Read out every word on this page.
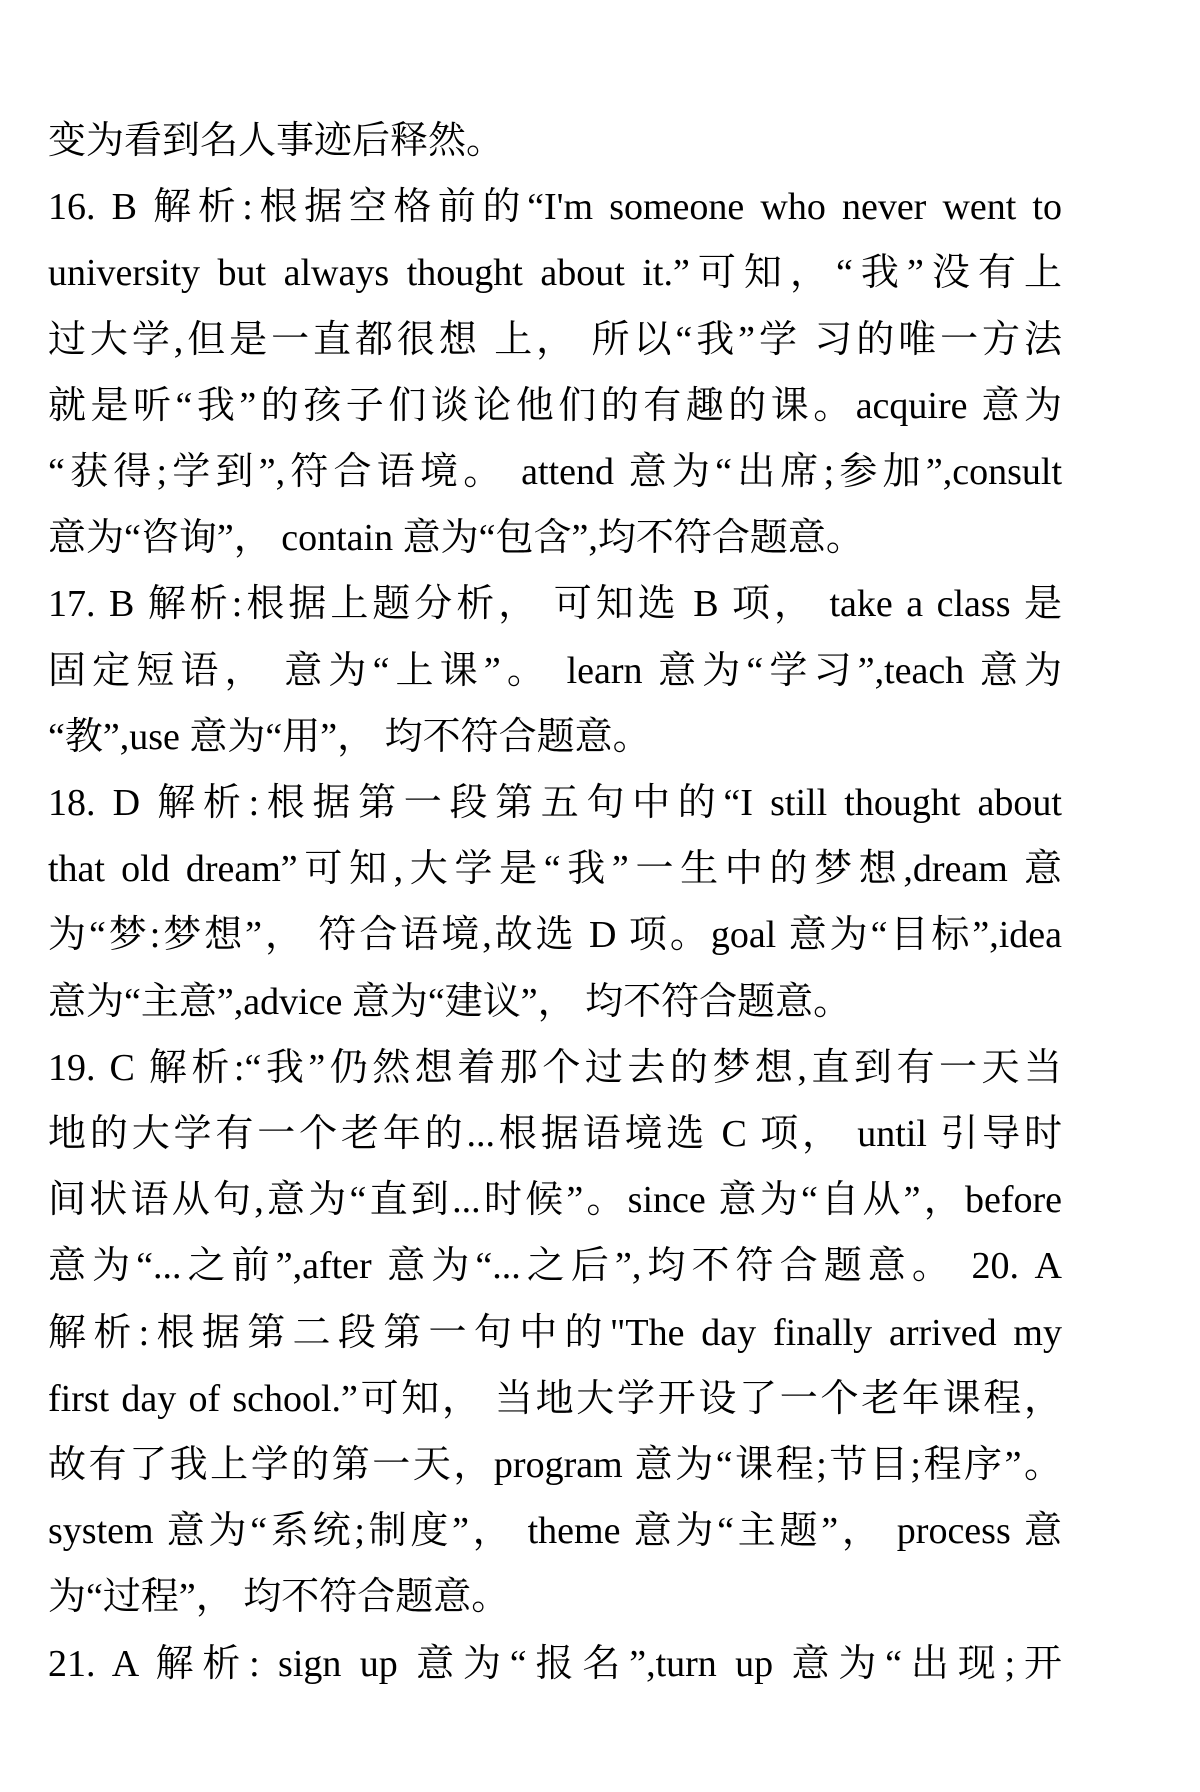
变为看到名人事迹后释然。
16. B 解析:根据空格前的“I'm someone who never went to
university but always thought about it.”可知，“我”没有上
过大学,但是一直都很想 上， 所以“我”学 习的唯一方法
就是听“我”的孩子们谈论他们的有趣的课。acquire 意为
“获得;学到”,符合语境。 attend 意为“出席;参加”,consult
意为“咨询”， contain 意为“包含”,均不符合题意。
17. B 解析:根据上题分析， 可知选 B 项， take a class 是
固定短语， 意为“上课”。 learn 意为“学习”,teach 意为
“教”,use 意为“用”， 均不符合题意。
18. D 解析:根据第一段第五句中的“I still thought about
that old dream”可知,大学是“我”一生中的梦想,dream 意
为“梦:梦想”， 符合语境,故选 D 项。goal 意为“目标”,idea
意为“主意”,advice 意为“建议”， 均不符合题意。
19. C 解析:“我”仍然想着那个过去的梦想,直到有一天当
地的大学有一个老年的...根据语境选 C 项， until 引导时
间状语从句,意为“直到...时候”。since 意为“自从”，before
意为“...之前”,after 意为“...之后”,均不符合题意。 20. A
解析:根据第二段第一句中的"The day finally arrived my
first day of school.”可知， 当地大学开设了一个老年课程，
故有了我上学的第一天，program 意为“课程;节目;程序”。
system 意为“系统;制度”， theme 意为“主题”， process 意
为“过程”， 均不符合题意。
21. A 解析: sign up 意为“报名”,turn up 意为“出现;开
